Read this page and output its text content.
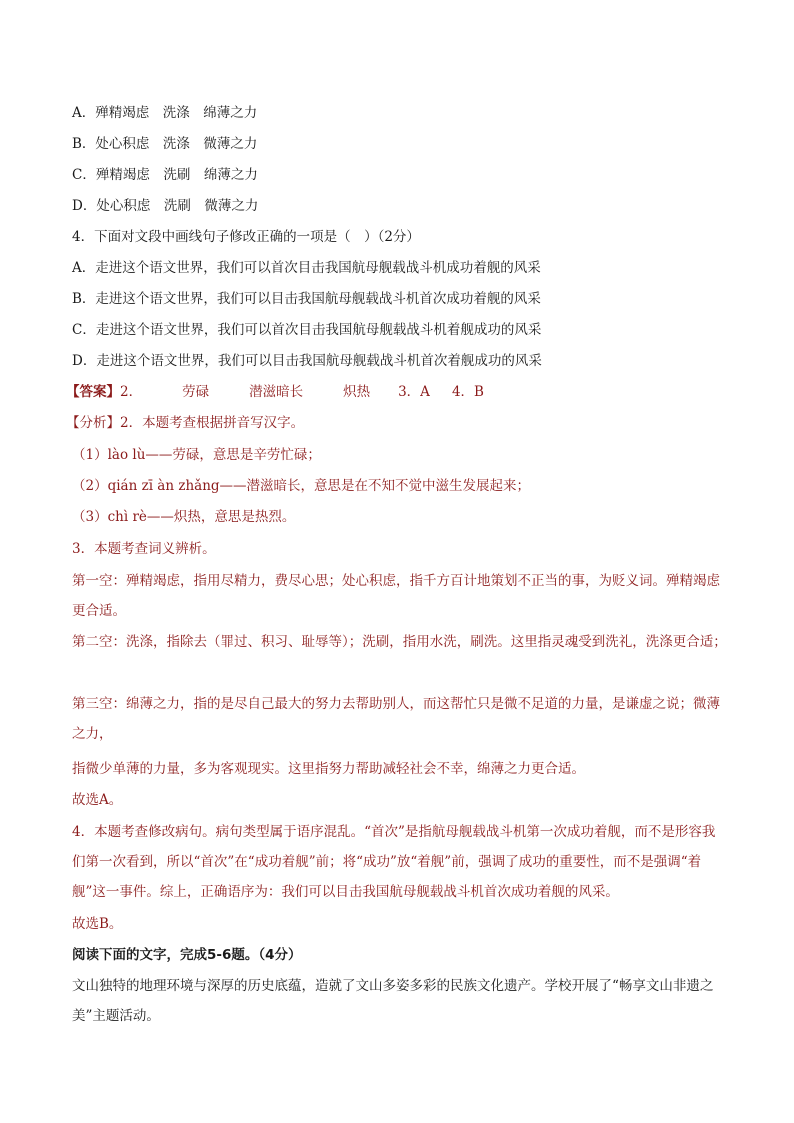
A．殚精竭虑　洗涤　绵薄之力
B．处心积虑　洗涤　微薄之力
C．殚精竭虑　洗刷　绵薄之力
D．处心积虑　洗刷　微薄之力
4．下面对文段中画线句子修改正确的一项是（　）（2分）
A．走进这个语文世界，我们可以首次目击我国航母舰载战斗机成功着舰的风采
B．走进这个语文世界，我们可以目击我国航母舰载战斗机首次成功着舰的风采
C．走进这个语文世界，我们可以首次目击我国航母舰载战斗机着舰成功的风采
D．走进这个语文世界，我们可以目击我国航母舰载战斗机首次着舰成功的风采
【答案】2．	劳碌	潜滋暗长	炽热 3．A 4．B
【分析】2．本题考查根据拼音写汉字。
（1）lào lù——劳碌，意思是辛劳忙碌；
（2）qián zī àn zhǎng——潜滋暗长，意思是在不知不觉中滋生发展起来；
（3）chì rè——炽热，意思是热烈。
3．本题考查词义辨析。
第一空：殚精竭虑，指用尽精力，费尽心思；处心积虑，指千方百计地策划不正当的事，为贬义词。殚精竭虑更合适。
第二空：洗涤，指除去（罪过、积习、耻辱等）；洗刷，指用水洗，刷洗。这里指灵魂受到洗礼，洗涤更合适；
第三空：绵薄之力，指的是尽自己最大的努力去帮助别人，而这帮忙只是微不足道的力量，是谦虚之说；微薄之力，
指微少单薄的力量，多为客观现实。这里指努力帮助减轻社会不幸，绵薄之力更合适。
故选A。
4．本题考查修改病句。病句类型属于语序混乱。“首次”是指航母舰载战斗机第一次成功着舰，而不是形容我们第一次看到，所以“首次”在“成功着舰”前；将“成功”放“着舰”前，强调了成功的重要性，而不是强调“着舰”这一事件。综上，正确语序为：我们可以目击我国航母舰载战斗机首次成功着舰的风采。
故选B。
阅读下面的文字，完成5-6题。（4分）
文山独特的地理环境与深厚的历史底蕴，造就了文山多姿多彩的民族文化遗产。学校开展了“畅享文山非遗之美”主题活动。
